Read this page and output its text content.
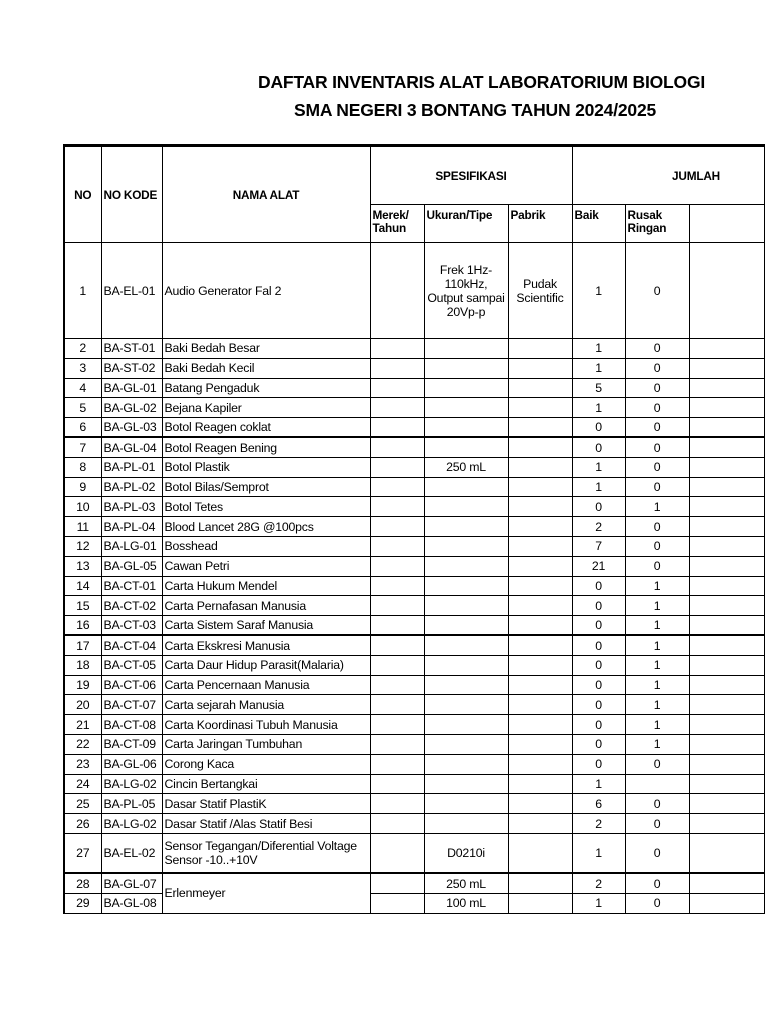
DAFTAR INVENTARIS ALAT LABORATORIUM BIOLOGI
SMA NEGERI 3 BONTANG TAHUN 2024/2025
NO	NO KODE	NAMA ALAT	SPESIFIKASI			JUMLAH		
			Merek/ Tahun	Ukuran/Tipe	Pabrik	Baik	Rusak Ringan	
1	BA-EL-01	Audio Generator Fal 2		Frek 1Hz-110kHz, Output sampai 20Vp-p	Pudak Scientific	1	0	
2	BA-ST-01	Baki Bedah Besar				1	0	
3	BA-ST-02	Baki Bedah Kecil				1	0	
4	BA-GL-01	Batang Pengaduk				5	0	
5	BA-GL-02	Bejana Kapiler				1	0	
6	BA-GL-03	Botol Reagen coklat				0	0	
7	BA-GL-04	Botol Reagen Bening				0	0	
8	BA-PL-01	Botol Plastik		250 mL		1	0	
9	BA-PL-02	Botol Bilas/Semprot				1	0	
10	BA-PL-03	Botol Tetes				0	1	
11	BA-PL-04	Blood Lancet 28G @100pcs				2	0	
12	BA-LG-01	Bosshead				7	0	
13	BA-GL-05	Cawan Petri				21	0	
14	BA-CT-01	Carta Hukum Mendel				0	1	
15	BA-CT-02	Carta Pernafasan Manusia				0	1	
16	BA-CT-03	Carta Sistem Saraf Manusia				0	1	
17	BA-CT-04	Carta Ekskresi Manusia				0	1	
18	BA-CT-05	Carta Daur Hidup Parasit(Malaria)				0	1	
19	BA-CT-06	Carta Pencernaan Manusia				0	1	
20	BA-CT-07	Carta sejarah Manusia				0	1	
21	BA-CT-08	Carta Koordinasi Tubuh Manusia				0	1	
22	BA-CT-09	Carta Jaringan Tumbuhan				0	1	
23	BA-GL-06	Corong Kaca				0	0	
24	BA-LG-02	Cincin Bertangkai				1		
25	BA-PL-05	Dasar Statif PlastiK				6	0	
26	BA-LG-02	Dasar Statif /Alas Statif Besi				2	0	
27	BA-EL-02	Sensor Tegangan/Diferential Voltage Sensor -10..+10V		D0210i		1	0	
28	BA-GL-07	Erlenmeyer		250 mL		2	0	
29	BA-GL-08			100 mL		1	0	
